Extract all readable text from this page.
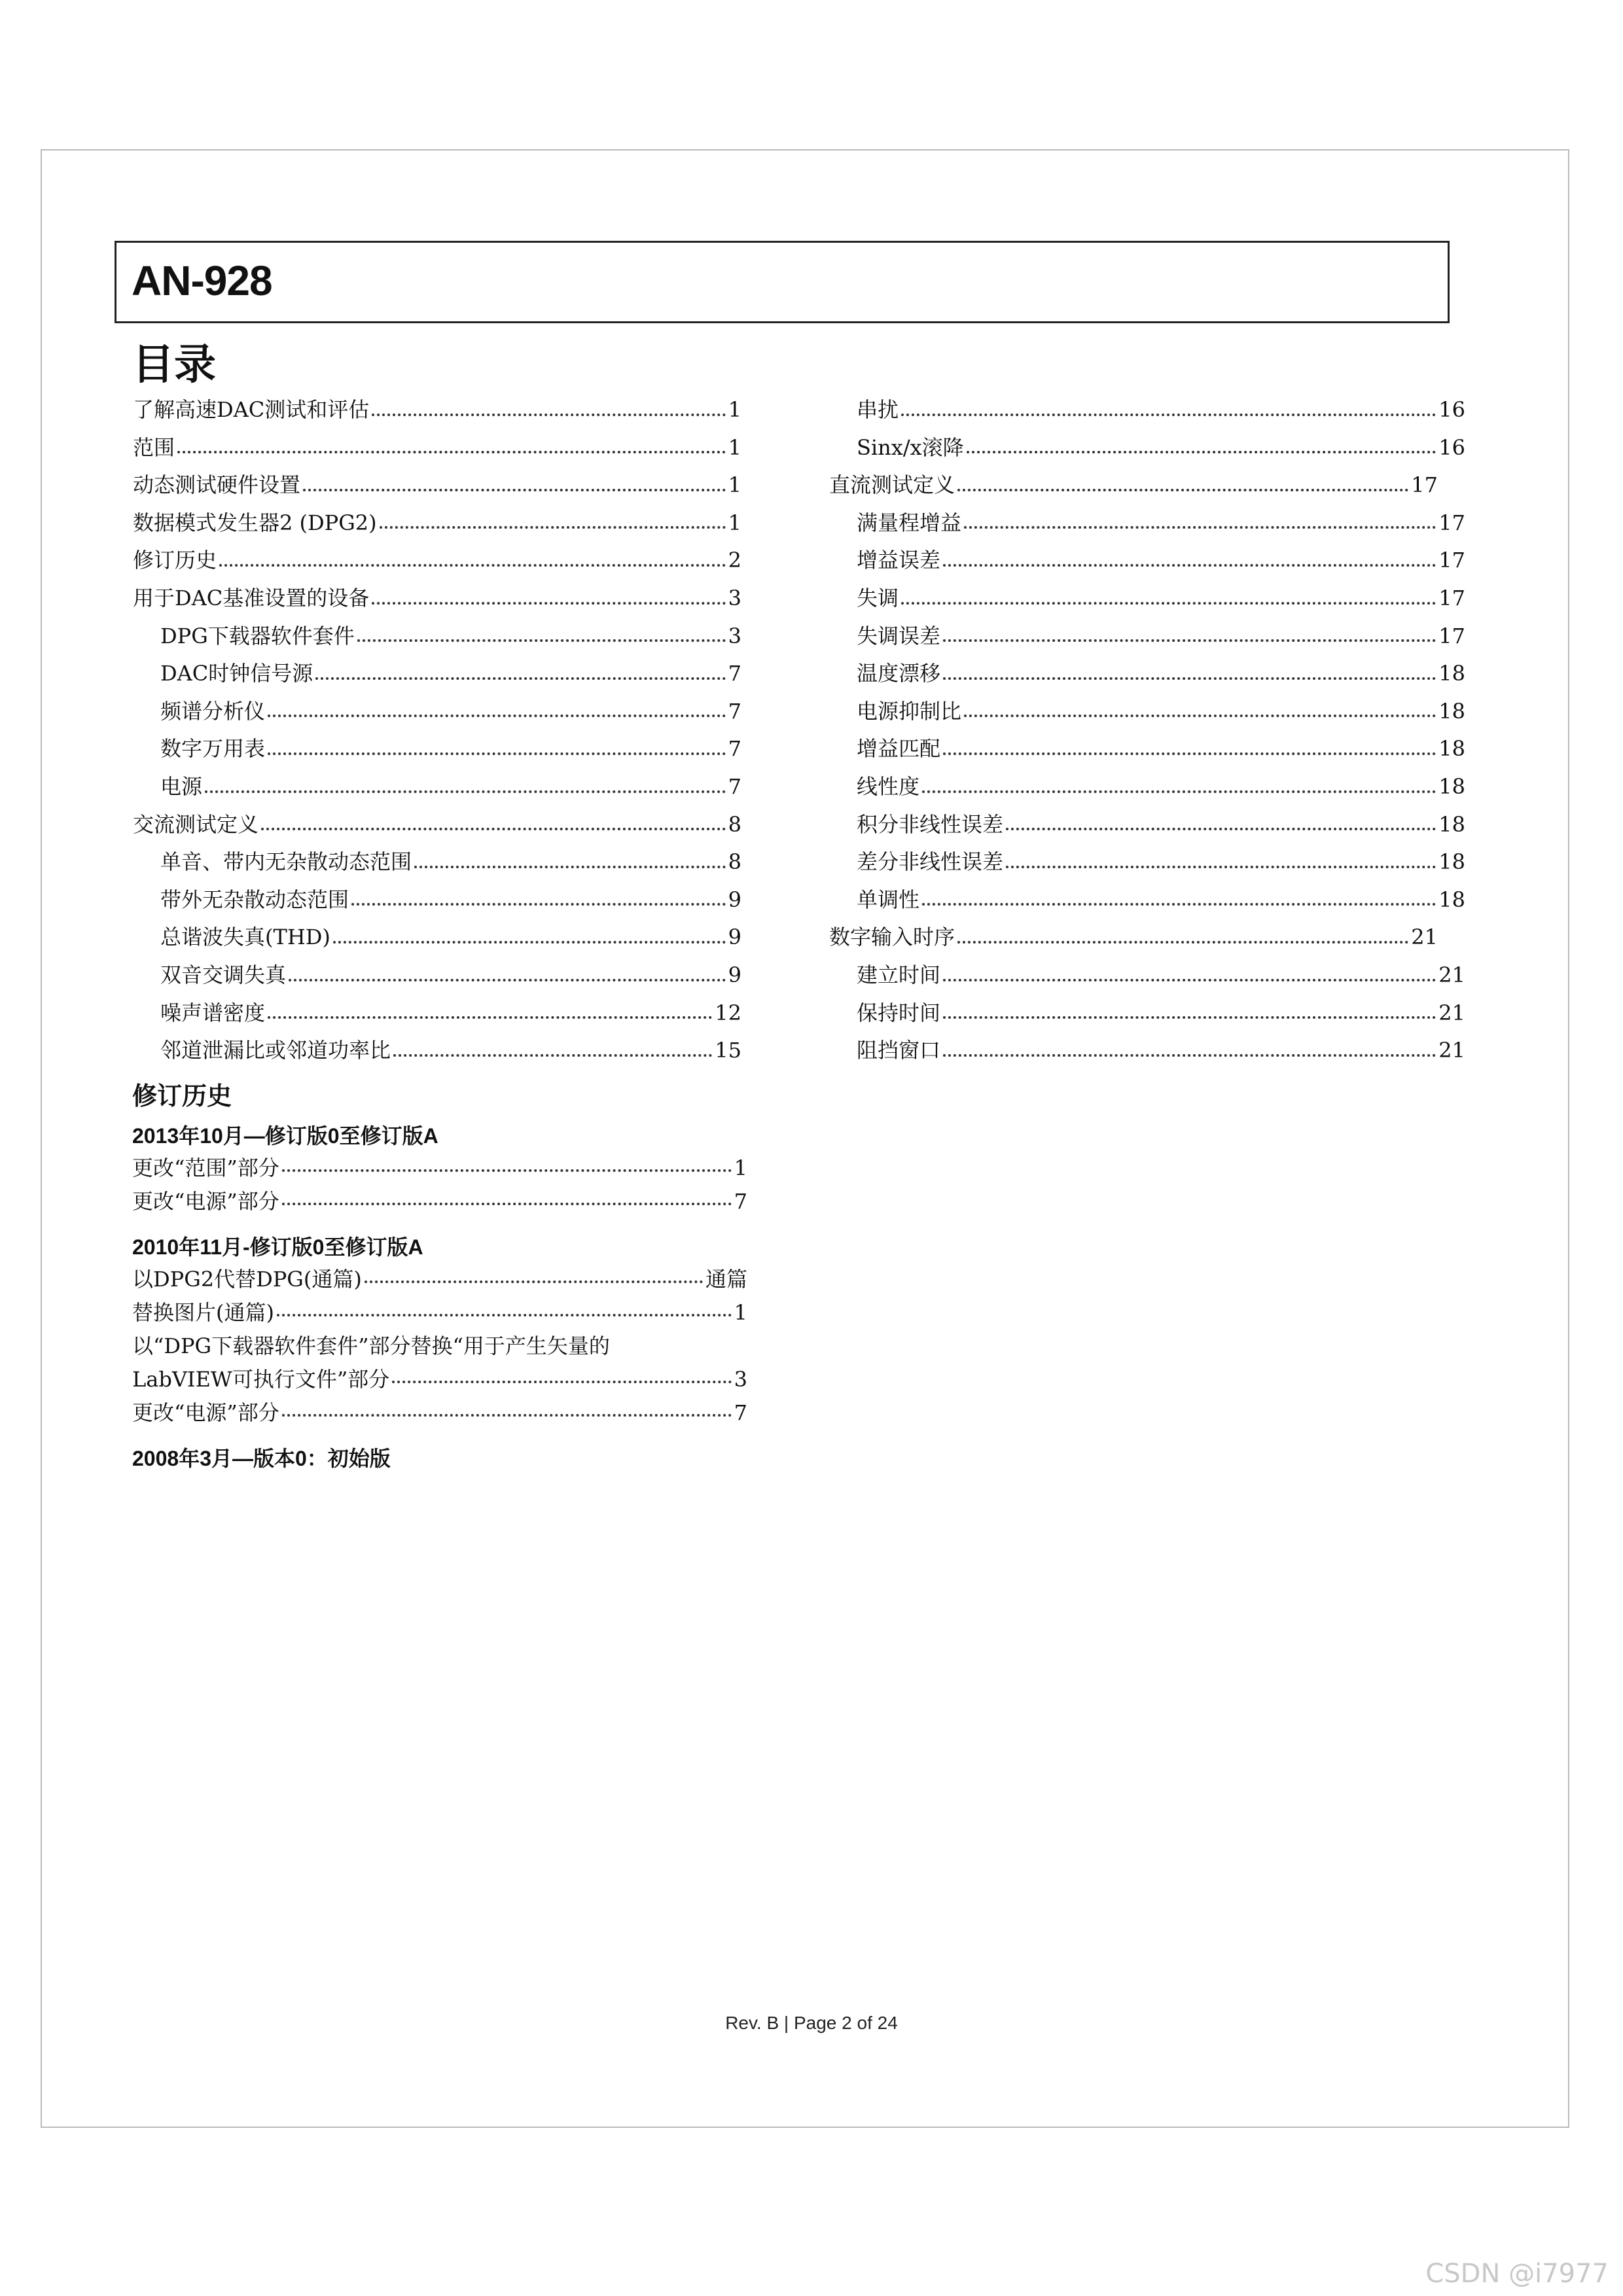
AN-928
目录
了解高速DAC测试和评估	1
范围	1
动态测试硬件设置	1
数据模式发生器2 (DPG2)	1
修订历史	2
用于DAC基准设置的设备	3
DPG下载器软件套件	3
DAC时钟信号源	7
频谱分析仪	7
数字万用表	7
电源	7
交流测试定义	8
单音、带内无杂散动态范围	8
带外无杂散动态范围	9
总谐波失真(THD)	9
双音交调失真	9
噪声谱密度	12
邻道泄漏比或邻道功率比	15
串扰	16
Sinx/x滚降	16
直流测试定义	17
满量程增益	17
增益误差	17
失调	17
失调误差	17
温度漂移	18
电源抑制比	18
增益匹配	18
线性度	18
积分非线性误差	18
差分非线性误差	18
单调性	18
数字输入时序	21
建立时间	21
保持时间	21
阻挡窗口	21
修订历史
2013年10月—修订版0至修订版A
更改“范围”部分	1
更改“电源”部分	7
2010年11月-修订版0至修订版A
以DPG2代替DPG(通篇)	通篇
替换图片(通篇)	1
以“DPG下载器软件套件”部分替换“用于产生矢量的
LabVIEW可执行文件”部分	3
更改“电源”部分	7
2008年3月—版本0：初始版
Rev. B | Page 2 of 24
CSDN @i7977
